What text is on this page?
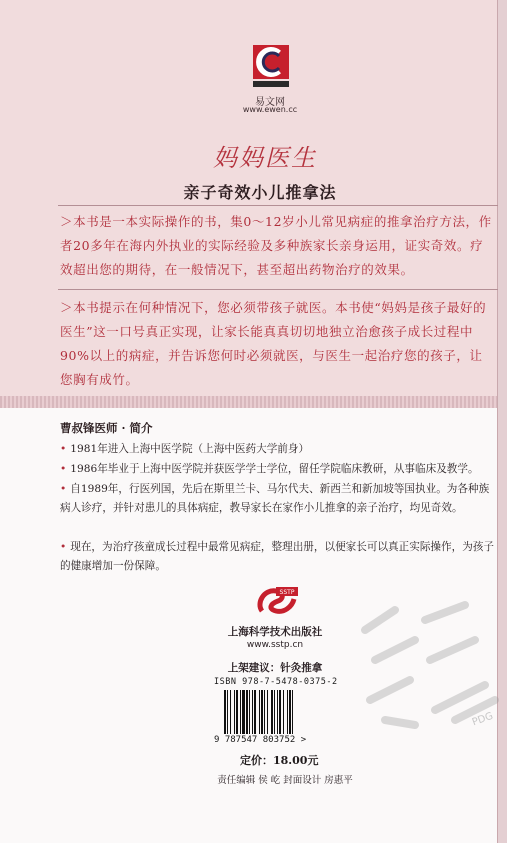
易文网
www.ewen.cc
妈妈医生
亲子奇效小儿推拿法
＞本书是一本实际操作的书，集0～12岁小儿常见病症的推拿治疗方法，作者20多年在海内外执业的实际经验及多种族家长亲身运用，证实奇效。疗效超出您的期待，在一般情况下，甚至超出药物治疗的效果。
＞本书提示在何种情况下，您必须带孩子就医。本书使“妈妈是孩子最好的医生”这一口号真正实现，让家长能真真切切地独立治愈孩子成长过程中90%以上的病症，并告诉您何时必须就医，与医生一起治疗您的孩子，让您胸有成竹。
曹叔锋医师 · 简介
• 1981年进入上海中医学院（上海中医药大学前身）
• 1986年毕业于上海中医学院并获医学学士学位，留任学院临床教研，从事临床及教学。
• 自1989年，行医列国，先后在斯里兰卡、马尔代夫、新西兰和新加坡等国执业。为各种族病人诊疗，并针对患儿的具体病症，教导家长在家作小儿推拿的亲子治疗，均见奇效。
• 现在，为治疗孩童成长过程中最常见病症，整理出册，以便家长可以真正实际操作，为孩子的健康增加一份保障。
SSTP
上海科学技术出版社
www.sstp.cn
上架建议：针灸推拿
ISBN 978-7-5478-0375-2
9 787547 803752 >
定价：18.00元
责任编辑 侯 屹 封面设计 房惠平
PDG
